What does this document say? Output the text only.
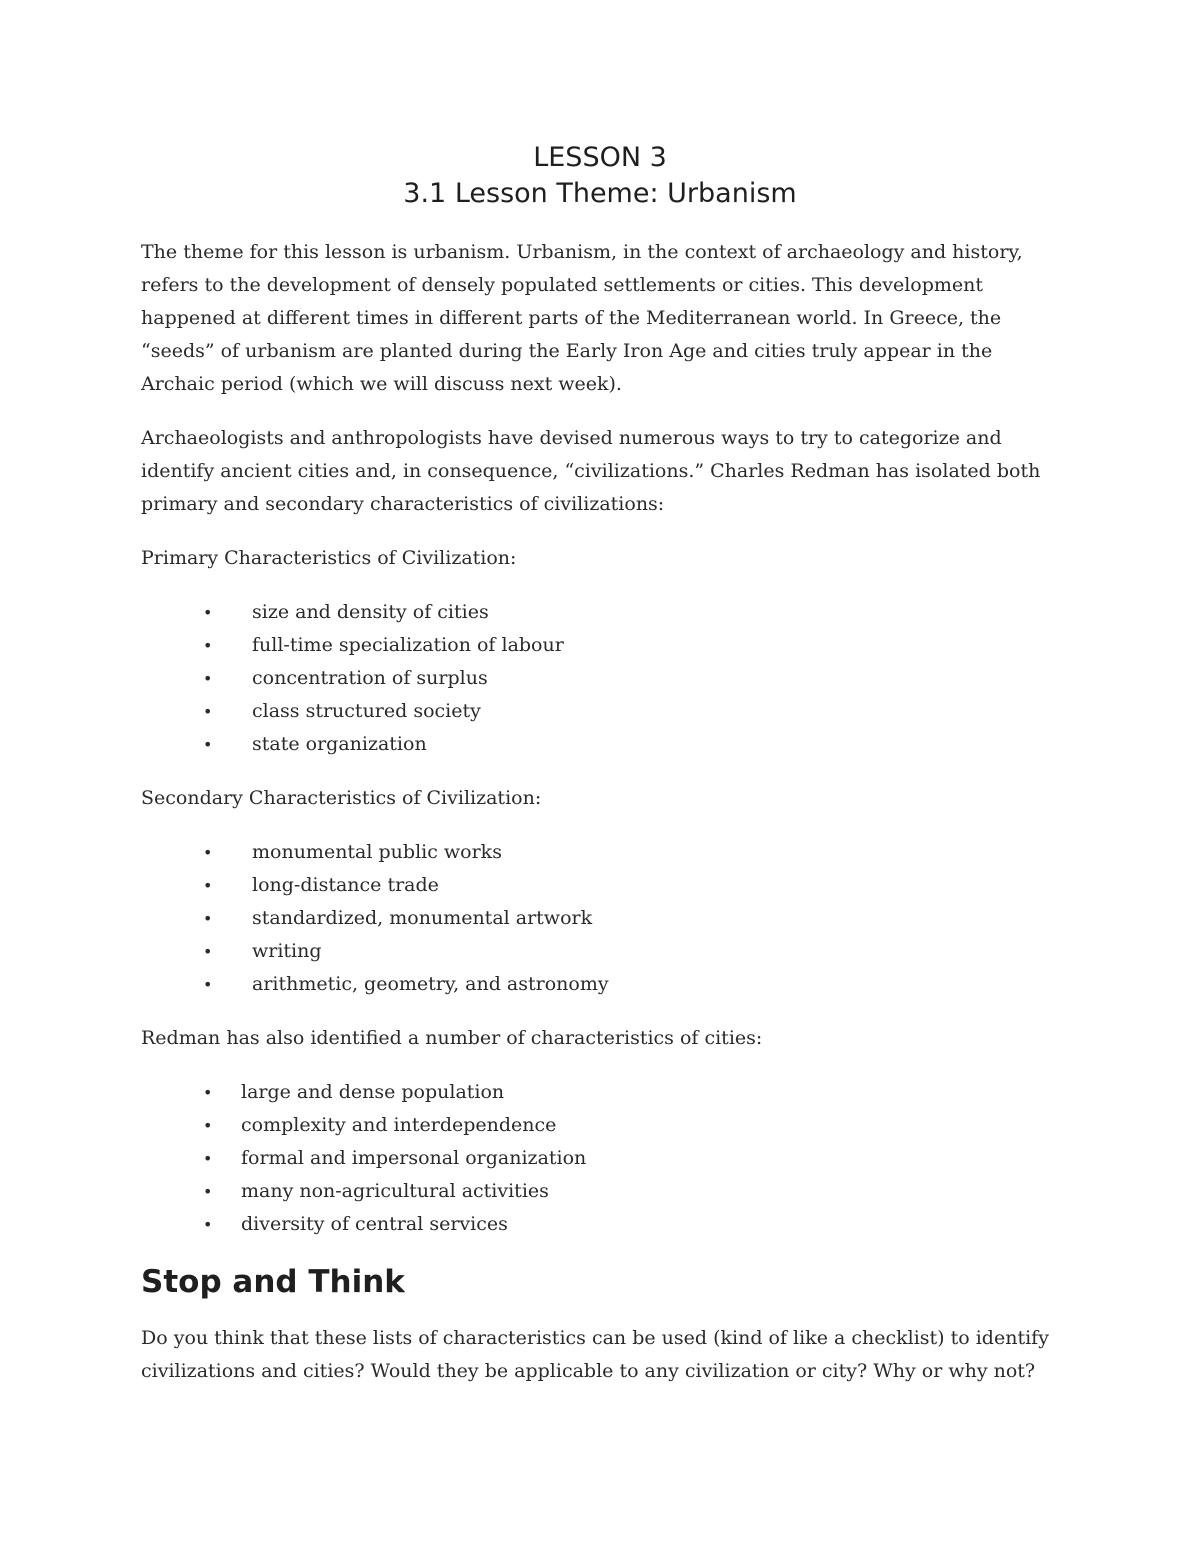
LESSON 3

3.1 Lesson Theme: Urbanism

The theme for this lesson is urbanism. Urbanism, in the context of archaeology and history, refers to the development of densely populated settlements or cities. This development happened at different times in different parts of the Mediterranean world. In Greece, the “seeds” of urbanism are planted during the Early Iron Age and cities truly appear in the Archaic period (which we will discuss next week).

Archaeologists and anthropologists have devised numerous ways to try to categorize and identify ancient cities and, in consequence, “civilizations.” Charles Redman has isolated both primary and secondary characteristics of civilizations:

Primary Characteristics of Civilization:

• size and density of cities
• full-time specialization of labour
• concentration of surplus
• class structured society
• state organization

Secondary Characteristics of Civilization:

• monumental public works
• long-distance trade
• standardized, monumental artwork
• writing
• arithmetic, geometry, and astronomy

Redman has also identified a number of characteristics of cities:

• large and dense population
• complexity and interdependence
• formal and impersonal organization
• many non-agricultural activities
• diversity of central services
Stop and Think

Do you think that these lists of characteristics can be used (kind of like a checklist) to identify civilizations and cities? Would they be applicable to any civilization or city? Why or why not?
